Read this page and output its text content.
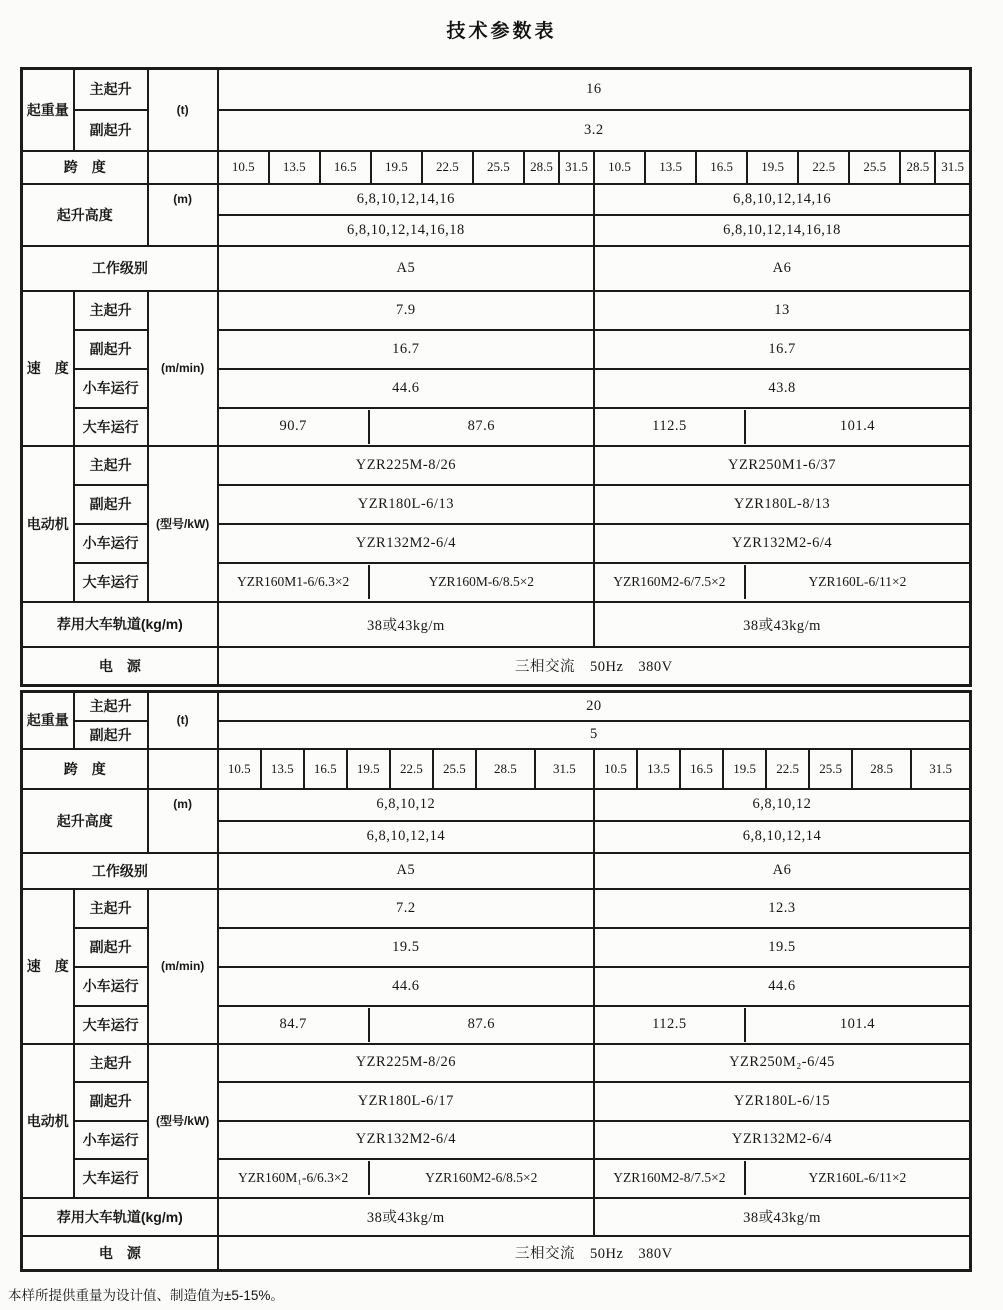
技术参数表
起重量	主起升	(t)	16															
	副起升		3.2															
跨　度			10.5	13.5	16.5	19.5	22.5	25.5	28.5	31.5	10.5	13.5	16.5	19.5	22.5	25.5	28.5	31.5
起升高度		(m)	6,8,10,12,14,16								6,8,10,12,14,16							
			6,8,10,12,14,16,18								6,8,10,12,14,16,18							
工作级别			A5								A6							
速　度	主起升	(m/min)	7.9								13							
	副起升		16.7								16.7							
	小车运行		44.6								43.8							
大车运行	90.7	87.6	112.5	101.4

电动机	主起升	(型号/kW)	YZR225M-8/26								YZR250M1-6/37							
	副起升		YZR180L-6/13								YZR180L-8/13							
	小车运行		YZR132M2-6/4								YZR132M2-6/4							
大车运行	YZR160M1-6/6.3×2	YZR160M-6/8.5×2	YZR160M2-6/7.5×2	YZR160L-6/11×2

荐用大车轨道(kg/m)			38或43kg/m								38或43kg/m							
电　源			三相交流　50Hz　380V															
起重量	主起升	(t)	20															
	副起升		5															
跨　度			10.5	13.5	16.5	19.5	22.5	25.5	28.5	31.5	10.5	13.5	16.5	19.5	22.5	25.5	28.5	31.5
起升高度		(m)	6,8,10,12								6,8,10,12							
			6,8,10,12,14								6,8,10,12,14							
工作级别			A5								A6							
速　度	主起升	(m/min)	7.2								12.3							
	副起升		19.5								19.5							
	小车运行		44.6								44.6							
大车运行	84.7	87.6	112.5	101.4

电动机	主起升	(型号/kW)	YZR225M-8/26								YZR250M₂-6/45							
	副起升		YZR180L-6/17								YZR180L-6/15							
	小车运行		YZR132M2-6/4								YZR132M2-6/4							
大车运行	YZR160M₁-6/6.3×2	YZR160M2-6/8.5×2	YZR160M2-8/7.5×2	YZR160L-6/11×2

荐用大车轨道(kg/m)			38或43kg/m								38或43kg/m							
电　源			三相交流　50Hz　380V															

本样所提供重量为设计值、制造值为±5-15%。
